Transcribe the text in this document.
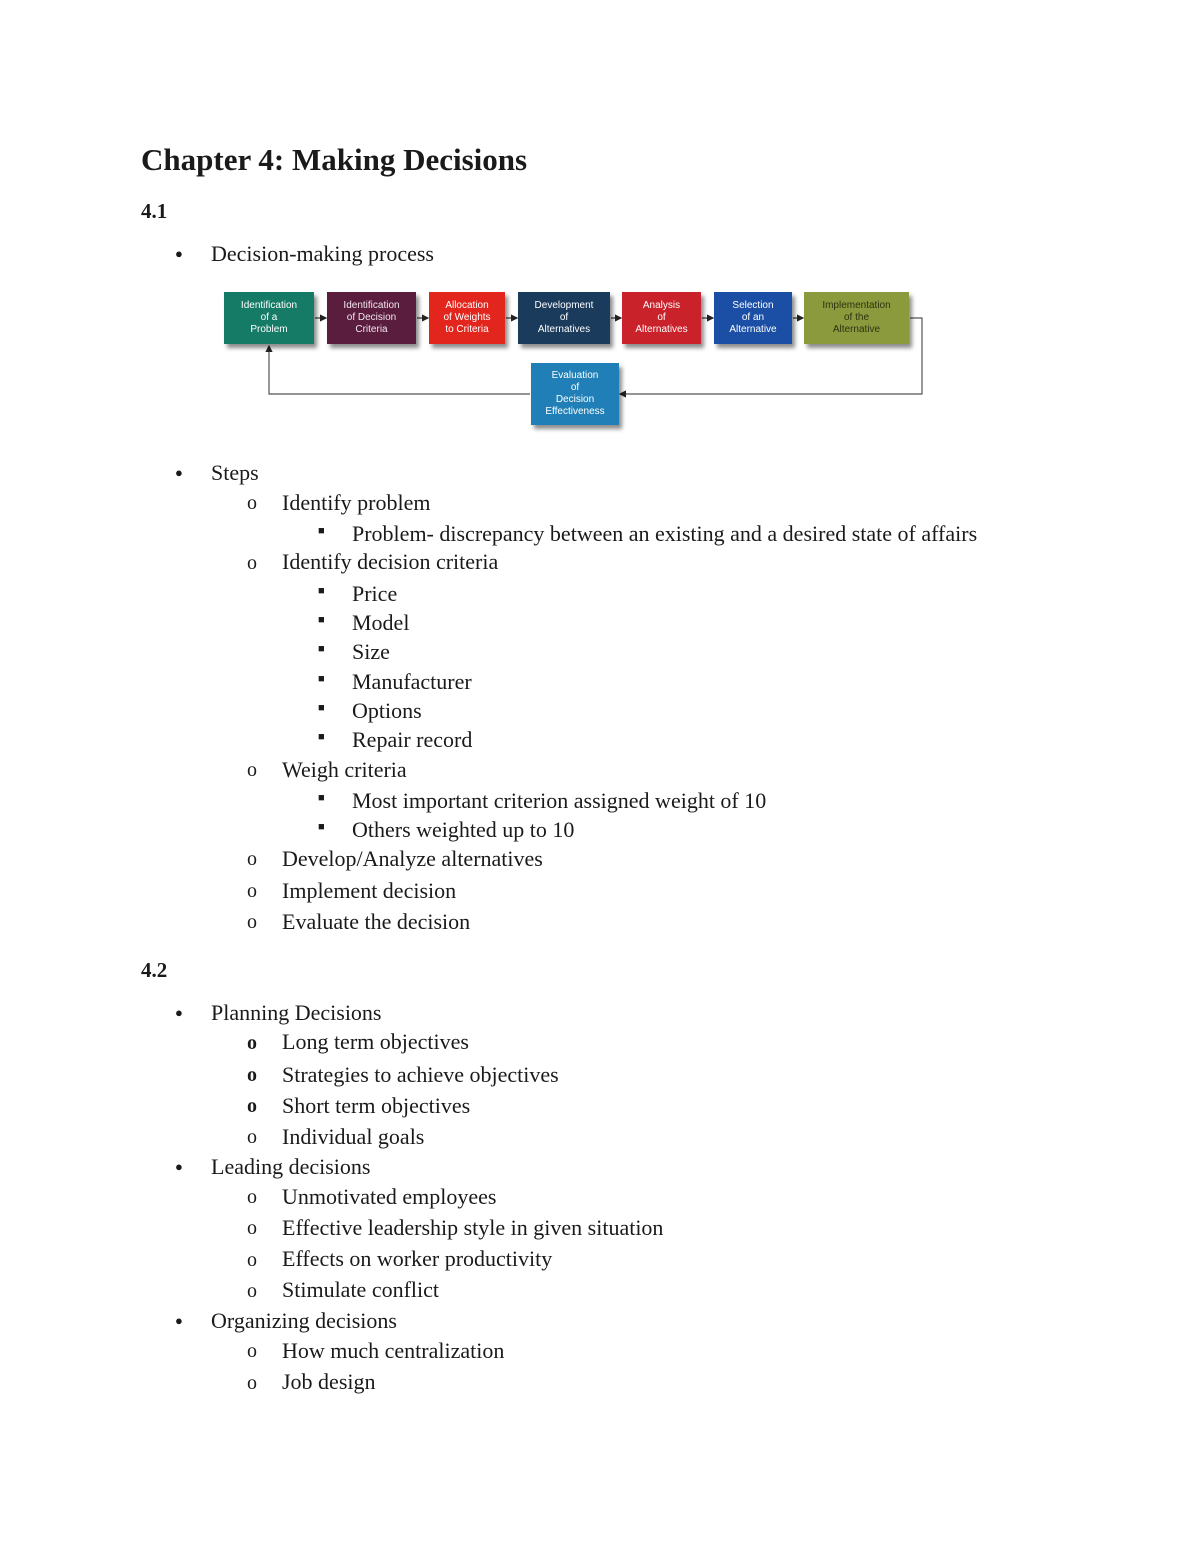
Chapter 4: Making Decisions
4.1
● Decision-making process
Identification
of a
Problem
Identification
of Decision
Criteria
Allocation
of Weights
to Criteria
Development
of
Alternatives
Analysis
of
Alternatives
Selection
of an
Alternative
Implementation
of the
Alternative
Evaluation
of
Decision
Effectiveness
● Steps
o Identify problem
■ Problem- discrepancy between an existing and a desired state of affairs
o Identify decision criteria
■ Price
■ Model
■ Size
■ Manufacturer
■ Options
■ Repair record
o Weigh criteria
■ Most important criterion assigned weight of 10
■ Others weighted up to 10
o Develop/Analyze alternatives
o Implement decision
o Evaluate the decision
4.2
● Planning Decisions
o Long term objectives
o Strategies to achieve objectives
o Short term objectives
o Individual goals
● Leading decisions
o Unmotivated employees
o Effective leadership style in given situation
o Effects on worker productivity
o Stimulate conflict
● Organizing decisions
o How much centralization
o Job design
